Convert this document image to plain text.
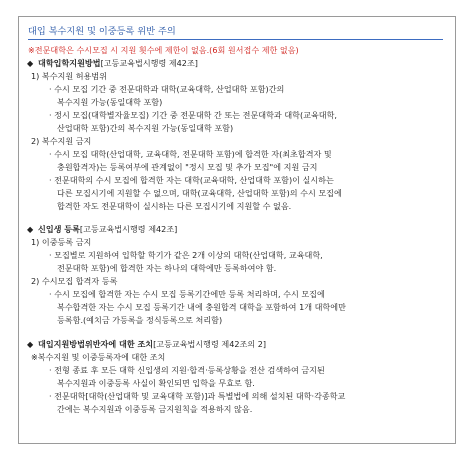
대입 복수지원 및 이중등록 위반 주의
※전문대학은 수시모집 시 지원 횟수에 제한이 없음.(6회 원서접수 제한 없음)
◆ 대학입학지원방법[고등교육법시행령 제42조]
1) 복수지원 허용범위
· 수시 모집 기간 중 전문대학과 대학(교육대학, 산업대학 포함)간의
복수지원 가능(동일대학 포함)
· 정시 모집(대학별자율모집) 기간 중 전문대학 간 또는 전문대학과 대학(교육대학,
산업대학 포함)간의 복수지원 가능(동일대학 포함)
2) 복수지원 금지
· 수시 모집 대학(산업대학, 교육대학, 전문대학 포함)에 합격한 자(최초합격자 및
충원합격자)는 등록여부에 관계없이 "정시 모집 및 추가 모집"에 지원 금지
· 전문대학의 수시 모집에 합격한 자는 대학(교육대학, 산업대학 포함)이 실시하는
다른 모집시기에 지원할 수 없으며, 대학(교육대학, 산업대학 포함)의 수시 모집에
합격한 자도 전문대학이 실시하는 다른 모집시기에 지원할 수 없음.
◆ 신입생 등록[고등교육법시행령 제42조]
1) 이중등록 금지
· 모집별로 지원하여 입학할 학기가 같은 2개 이상의 대학(산업대학, 교육대학,
전문대학 포함)에 합격한 자는 하나의 대학에만 등록하여야 함.
2) 수시모집 합격자 등록
· 수시 모집에 합격한 자는 수시 모집 등록기간에만 등록 처리하며, 수시 모집에
복수합격한 자는 수시 모집 등록기간 내에 충원합격 대학을 포함하여 1개 대학에만
등록함.(예치금 가등록을 정식등록으로 처리함)
◆ 대입지원방법위반자에 대한 조치[고등교육법시행령 제42조의 2]
※복수지원 및 이중등록자에 대한 조치
· 전형 종료 후 모든 대학 신입생의 지원·합격·등록상황을 전산 검색하여 금지된
복수지원과 이중등록 사실이 확인되면 입학을 무효로 함.
· 전문대학[대학(산업대학 및 교육대학 포함)]과 특별법에 의해 설치된 대학·각종학교
간에는 복수지원과 이중등록 금지원칙을 적용하지 않음.
